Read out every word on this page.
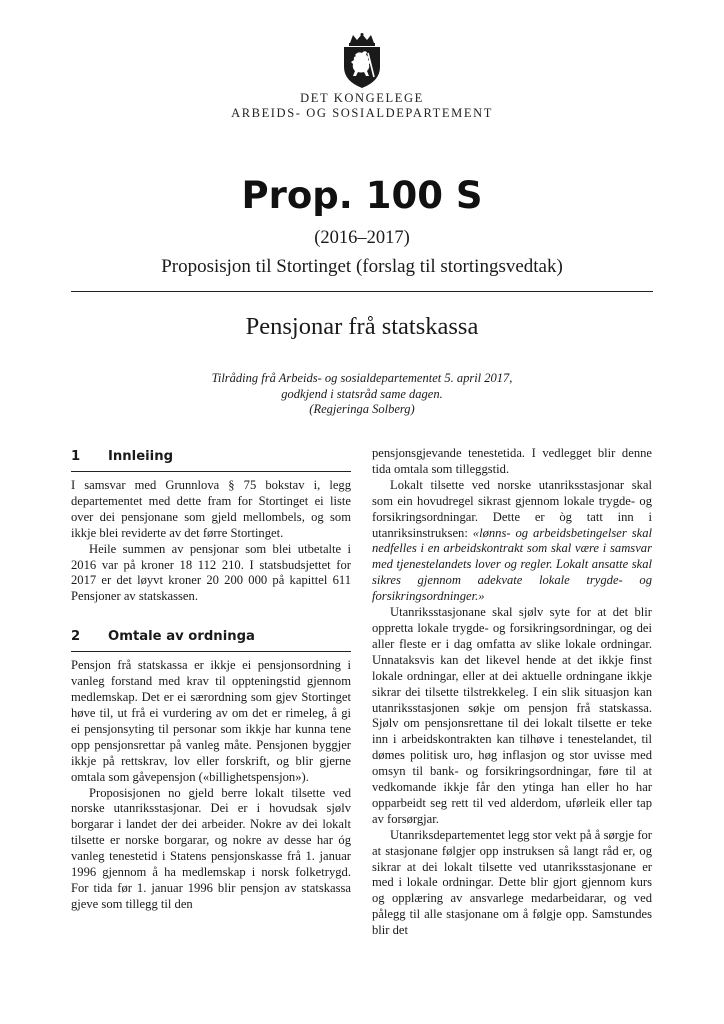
DET KONGELEGE
ARBEIDS- OG SOSIALDEPARTEMENT
Prop. 100 S
(2016–2017)
Proposisjon til Stortinget (forslag til stortingsvedtak)
Pensjonar frå statskassa
Tilråding frå Arbeids- og sosialdepartementet 5. april 2017,
godkjend i statsråd same dagen.
(Regjeringa Solberg)
1	Innleiing

I samsvar med Grunnlova § 75 bokstav i, legg departementet med dette fram for Stortinget ei liste over dei pensjonane som gjeld mellombels, og som ikkje blei reviderte av det førre Stortinget.

Heile summen av pensjonar som blei utbetalte i 2016 var på kroner 18 112 210. I statsbudsjettet for 2017 er det løyvt kroner 20 200 000 på kapittel 611 Pensjoner av statskassen.

2	Omtale av ordninga

Pensjon frå statskassa er ikkje ei pensjonsordning i vanleg forstand med krav til oppteningstid gjennom medlemskap. Det er ei særordning som gjev Stortinget høve til, ut frå ei vurdering av om det er rimeleg, å gi ei pensjonsyting til personar som ikkje har kunna tene opp pensjonsrettar på vanleg måte. Pensjonen byggjer ikkje på rettskrav, lov eller forskrift, og blir gjerne omtala som gåvepensjon («billighetspensjon»).

Proposisjonen no gjeld berre lokalt tilsette ved norske utanriksstasjonar. Dei er i hovudsak sjølv borgarar i landet der dei arbeider. Nokre av dei lokalt tilsette er norske borgarar, og nokre av desse har óg vanleg tenestetid i Statens pensjonskasse frå 1. januar 1996 gjennom å ha medlemskap i norsk folketrygd. For tida før 1. januar 1996 blir pensjon av statskassa gjeve som tillegg til den

pensjonsgjevande tenestetida. I vedlegget blir denne tida omtala som tilleggstid.

Lokalt tilsette ved norske utanriksstasjonar skal som ein hovudregel sikrast gjennom lokale trygde- og forsikringsordningar. Dette er òg tatt inn i utanriksinstruksen: «lønns- og arbeidsbetingelser skal nedfelles i en arbeidskontrakt som skal være i samsvar med tjenestelandets lover og regler. Lokalt ansatte skal sikres gjennom adekvate lokale trygde- og forsikringsordninger.»

Utanriksstasjonane skal sjølv syte for at det blir oppretta lokale trygde- og forsikringsordningar, og dei aller fleste er i dag omfatta av slike lokale ordningar. Unnataksvis kan det likevel hende at det ikkje finst lokale ordningar, eller at dei aktuelle ordningane ikkje sikrar dei tilsette tilstrekkeleg. I ein slik situasjon kan utanriksstasjonen søkje om pensjon frå statskassa. Sjølv om pensjonsrettane til dei lokalt tilsette er teke inn i arbeidskontrakten kan tilhøve i tenestelandet, til dømes politisk uro, høg inflasjon og stor uvisse med omsyn til bank- og forsikringsordningar, føre til at vedkomande ikkje får den ytinga han eller ho har opparbeidt seg rett til ved alderdom, uførleik eller tap av forsørgjar.

Utanriksdepartementet legg stor vekt på å sørgje for at stasjonane følgjer opp instruksen så langt råd er, og sikrar at dei lokalt tilsette ved utanriksstasjonane er med i lokale ordningar. Dette blir gjort gjennom kurs og opplæring av ansvarlege medarbeidarar, og ved pålegg til alle stasjonane om å følgje opp. Samstundes blir det
